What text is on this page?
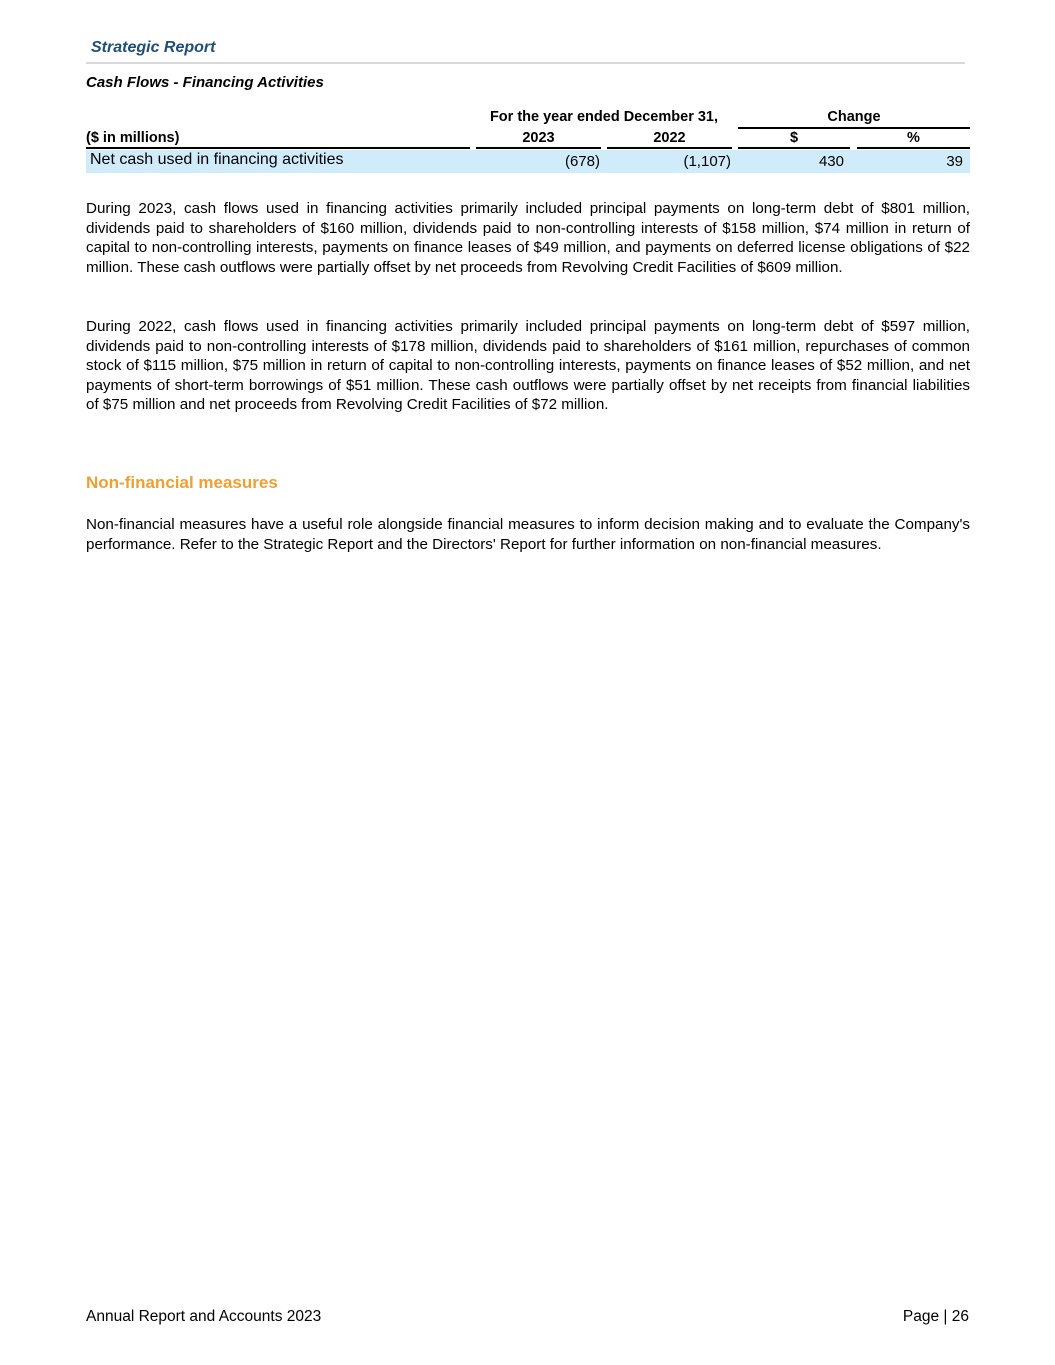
Strategic Report
Cash Flows - Financing Activities
For the year ended December 31,	Change
($ in millions)	2023	2022	$	%
Net cash used in financing activities	(678)	(1,107)	430	39
During 2023, cash flows used in financing activities primarily included principal payments on long-term debt of $801 million, dividends paid to shareholders of $160 million, dividends paid to non-controlling interests of $158 million, $74 million in return of capital to non-controlling interests, payments on finance leases of $49 million, and payments on deferred license obligations of $22 million. These cash outflows were partially offset by net proceeds from Revolving Credit Facilities of $609 million.
During 2022, cash flows used in financing activities primarily included principal payments on long-term debt of $597 million, dividends paid to non-controlling interests of $178 million, dividends paid to shareholders of $161 million, repurchases of common stock of $115 million, $75 million in return of capital to non-controlling interests, payments on finance leases of $52 million, and net payments of short-term borrowings of $51 million. These cash outflows were partially offset by net receipts from financial liabilities of $75 million and net proceeds from Revolving Credit Facilities of $72 million.
Non-financial measures
Non-financial measures have a useful role alongside financial measures to inform decision making and to evaluate the Company's performance. Refer to the Strategic Report and the Directors' Report for further information on non-financial measures.
Annual Report and Accounts 2023	Page | 26
